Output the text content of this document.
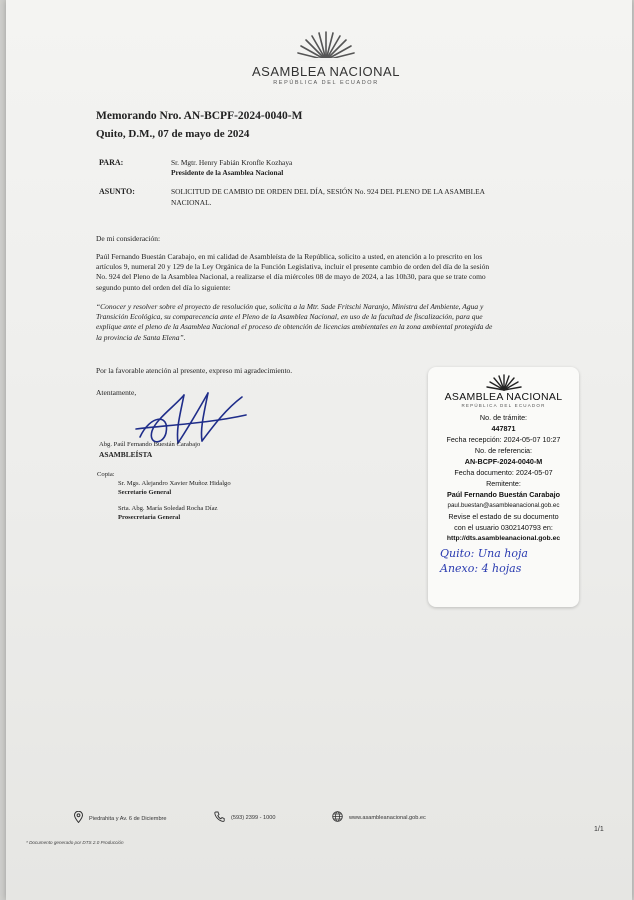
ASAMBLEA NACIONAL
REPÚBLICA DEL ECUADOR
Memorando Nro. AN-BCPF-2024-0040-M
Quito, D.M., 07 de mayo de 2024
PARA:	Sr. Mgtr. Henry Fabián Kronfle Kozhaya
Presidente de la Asamblea Nacional
ASUNTO:	SOLICITUD DE CAMBIO DE ORDEN DEL DÍA, SESIÓN No. 924 DEL PLENO DE LA ASAMBLEA
NACIONAL.
De mi consideración:
Paúl Fernando Buestán Carabajo, en mi calidad de Asambleísta de la República, solicito a usted, en atención a lo prescrito en los
artículos 9, numeral 20 y 129 de la Ley Orgánica de la Función Legislativa, incluir el presente cambio de orden del día de la sesión
No. 924 del Pleno de la Asamblea Nacional, a realizarse el día miércoles 08 de mayo de 2024, a las 10h30, para que se trate como
segundo punto del orden del día lo siguiente:
“Conocer y resolver sobre el proyecto de resolución que, solicita a la Mtr. Sade Fritschi Naranjo, Ministra del Ambiente, Agua y
Transición Ecológica, su comparecencia ante el Pleno de la Asamblea Nacional, en uso de la facultad de fiscalización, para que
explique ante el pleno de la Asamblea Nacional el proceso de obtención de licencias ambientales en la zona ambiental protegida de
la provincia de Santa Elena”.
Por la favorable atención al presente, expreso mi agradecimiento.
Atentamente,
Abg. Paúl Fernando Buestán Carabajo
ASAMBLEÍSTA
Copia:
Sr. Mgs. Alejandro Xavier Muñoz Hidalgo
Secretario General
Srta. Abg. María Soledad Rocha Díaz
Prosecretaria General
ASAMBLEA NACIONAL
REPÚBLICA DEL ECUADOR
No. de trámite:
447871
Fecha recepción: 2024-05-07 10:27
No. de referencia:
AN-BCPF-2024-0040-M
Fecha documento: 2024-05-07
Remitente:
Paúl Fernando Buestán Carabajo
paul.buestan@asambleanacional.gob.ec
Revise el estado de su documento
con el usuario 0302140793 en:
http://dts.asambleanacional.gob.ec
Quito: Una hoja
Anexo: 4 hojas
Piedrahita y Av. 6 de Diciembre	(593) 2399 - 1000	www.asambleanacional.gob.ec
1/1
* Documento generado por DTS 2.0 Producción
